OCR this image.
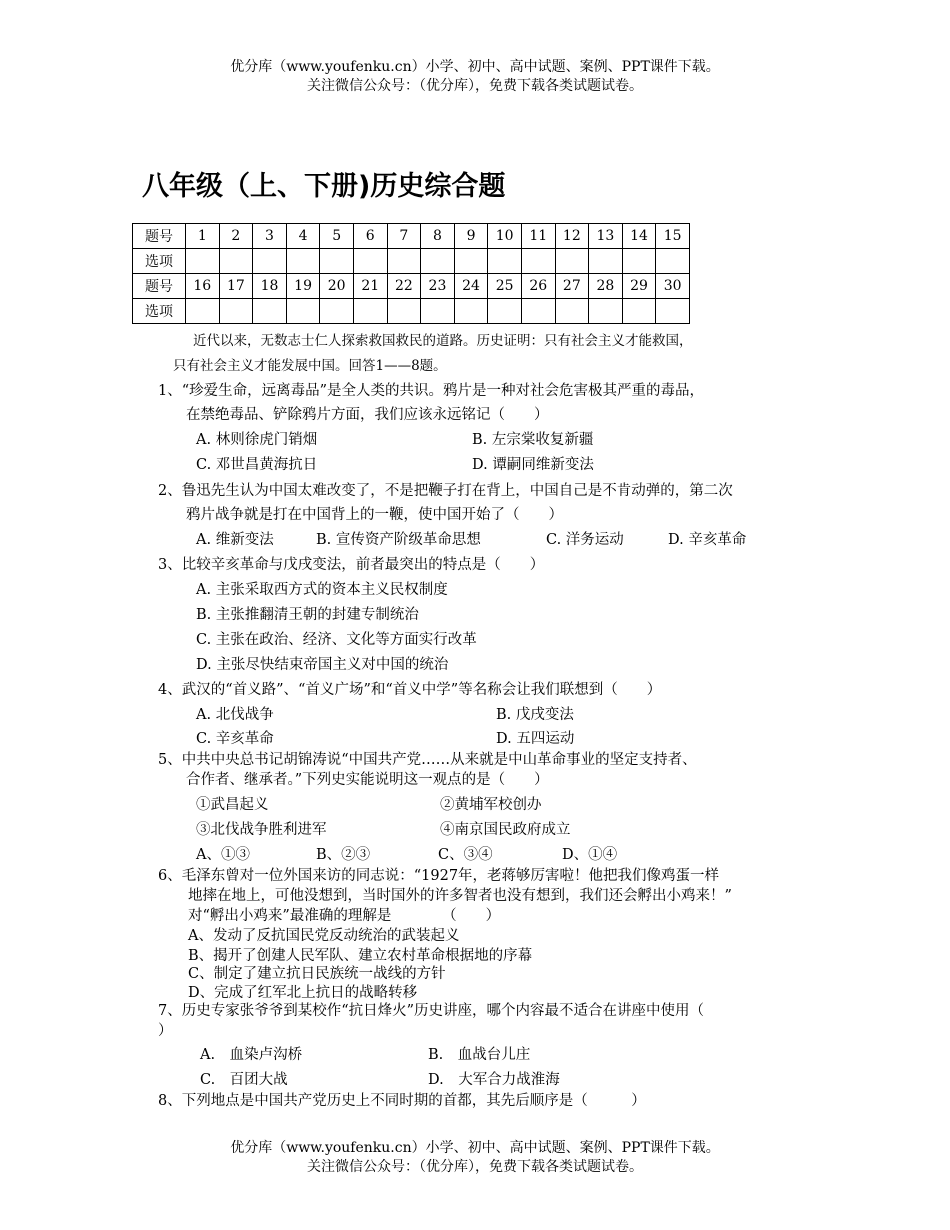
优分库（www.youfenku.cn）小学、初中、高中试题、案例、PPT课件下载。
关注微信公众号：（优分库），免费下载各类试题试卷。
八年级（上、下册)历史综合题
题号	1	2	3	4	5	6	7	8	9	10	11	12	13	14	15
选项															
题号	16	17	18	19	20	21	22	23	24	25	26	27	28	29	30
选项															
近代以来，无数志士仁人探索救国救民的道路。历史证明：只有社会主义才能救国，
只有社会主义才能发展中国。回答1——8题。
1、“珍爱生命，远离毒品”是全人类的共识。鸦片是一种对社会危害极其严重的毒品，
在禁绝毒品、铲除鸦片方面，我们应该永远铭记（　　）
A. 林则徐虎门销烟	B. 左宗棠收复新疆
C. 邓世昌黄海抗日	D. 谭嗣同维新变法
2、鲁迅先生认为中国太难改变了，不是把鞭子打在背上，中国自己是不肯动弹的，第二次
鸦片战争就是打在中国背上的一鞭，使中国开始了（　　）
A. 维新变法	B. 宣传资产阶级革命思想	C. 洋务运动	D. 辛亥革命
3、比较辛亥革命与戊戌变法，前者最突出的特点是（　　）
A. 主张采取西方式的资本主义民权制度
B. 主张推翻清王朝的封建专制统治
C. 主张在政治、经济、文化等方面实行改革
D. 主张尽快结束帝国主义对中国的统治
4、武汉的“首义路”、“首义广场”和“首义中学”等名称会让我们联想到（　　）
A. 北伐战争	B. 戊戌变法
C. 辛亥革命	D. 五四运动
5、中共中央总书记胡锦涛说“中国共产党……从来就是中山革命事业的坚定支持者、
合作者、继承者。”下列史实能说明这一观点的是（　　）
①武昌起义	②黄埔军校创办
③北伐战争胜利进军	④南京国民政府成立
A、①③	B、②③	C、③④	D、①④
6、毛泽东曾对一位外国来访的同志说：“1927年，老蒋够厉害啦！他把我们像鸡蛋一样
地摔在地上，可他没想到，当时国外的许多智者也没有想到，我们还会孵出小鸡来！”
对“孵出小鸡来”最准确的理解是　　　　（　　）
A、发动了反抗国民党反动统治的武装起义
B、揭开了创建人民军队、建立农村革命根据地的序幕
C、制定了建立抗日民族统一战线的方针
D、完成了红军北上抗日的战略转移
7、历史专家张爷爷到某校作“抗日烽火”历史讲座，哪个内容最不适合在讲座中使用（
）
A.　血染卢沟桥	B.　血战台儿庄
C.　百团大战	D.　大军合力战淮海
8、下列地点是中国共产党历史上不同时期的首都，其先后顺序是（　　　）
优分库（www.youfenku.cn）小学、初中、高中试题、案例、PPT课件下载。
关注微信公众号：（优分库），免费下载各类试题试卷。
